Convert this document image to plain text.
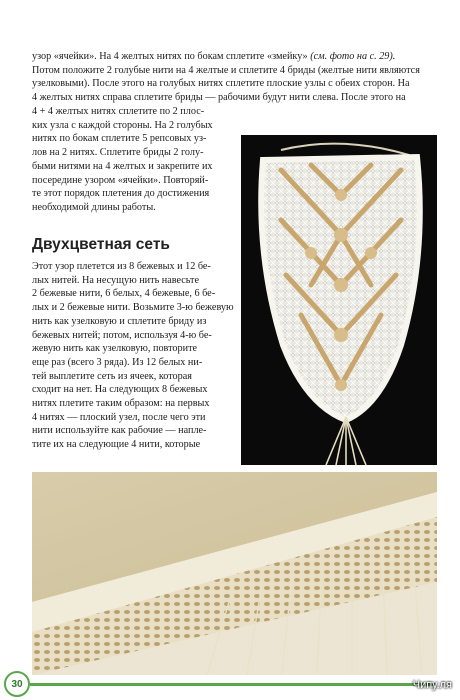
узор «ячейки». На 4 желтых нитях по бокам сплетите «змейку» (см. фото на с. 29).

Потом положите 2 голубые нити на 4 желтые и сплетите 4 бриды (желтые нити являются

узелковыми). После этого на голубых нитях сплетите плоские узлы с обеих сторон. На

4 желтых нитях справа сплетите бриды — рабочими будут нити слева. После этого на

4 + 4 желтых нитях сплетите по 2 плос-
ких узла с каждой стороны. На 2 голубых
нитях по бокам сплетите 5 репсовых уз-
лов на 2 нитях. Сплетите бриды 2 голу-
быми нитями на 4 желтых и закрепите их
посередине узором «ячейки». Повторяй-
те этот порядок плетения до достижения
необходимой длины работы.
Двухцветная сеть
Этот узор плетется из 8 бежевых и 12 бе-
лых нитей. На несущую нить навесьте
2 бежевые нити, 6 белых, 4 бежевые, 6 бе-
лых и 2 бежевые нити. Возьмите 3-ю бежевую
нить как узелковую и сплетите бриду из
бежевых нитей; потом, используя 4-ю бе-
жевую нить как узелковую, повторите
еще раз (всего 3 ряда). Из 12 белых ни-
тей выплетите сеть из ячеек, которая
сходит на нет. На следующих 8 бежевых
нитях плетите таким образом: на первых
4 нитях — плоский узел, после чего эти
нити используйте как рабочие — напле-
тите их на следующие 4 нити, которые
30	Чипу.ля
